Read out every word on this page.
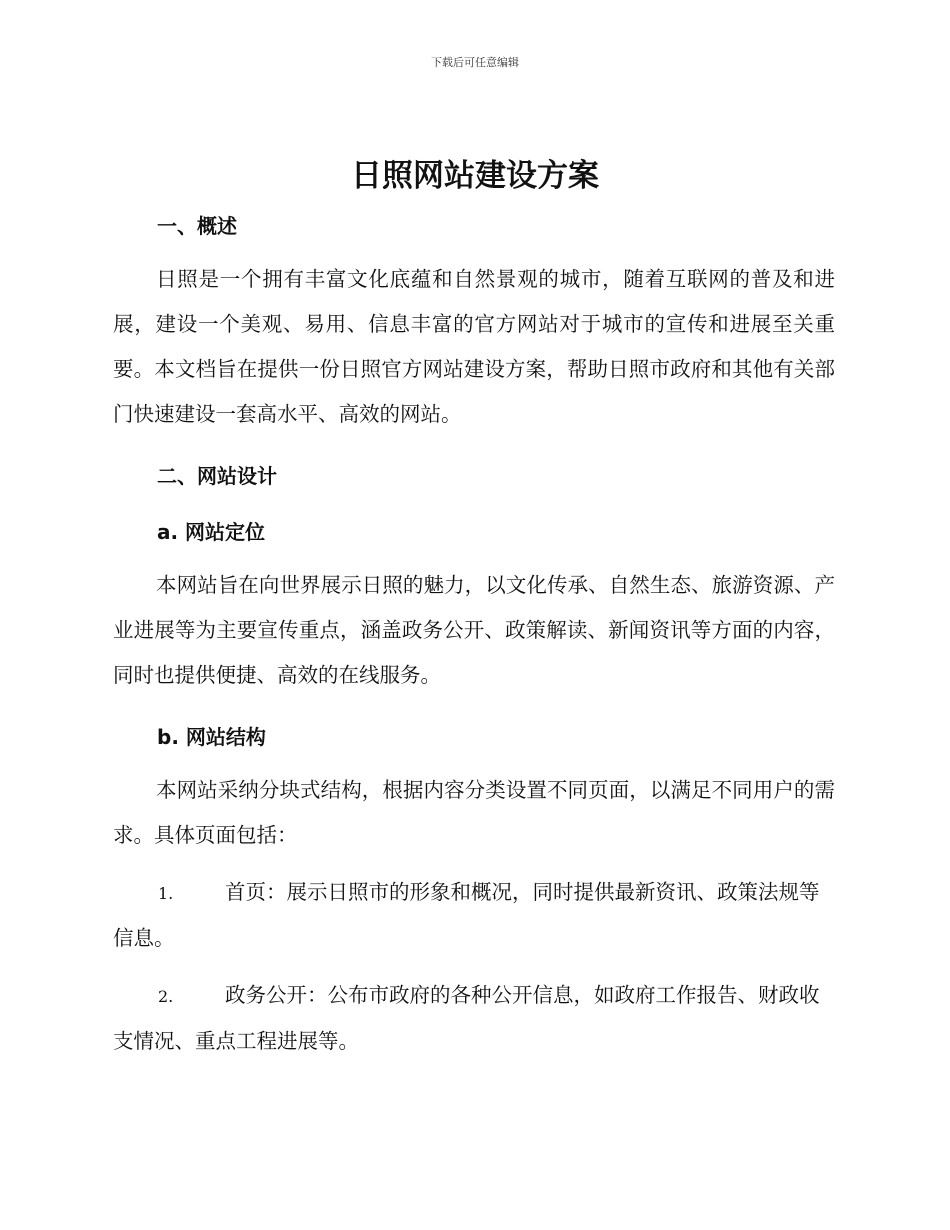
下载后可任意编辑
日照网站建设方案
一、概述

日照是一个拥有丰富文化底蕴和自然景观的城市，随着互联网的普及和进展，建设一个美观、易用、信息丰富的官方网站对于城市的宣传和进展至关重要。本文档旨在提供一份日照官方网站建设方案，帮助日照市政府和其他有关部门快速建设一套高水平、高效的网站。

二、网站设计
a. 网站定位

本网站旨在向世界展示日照的魅力，以文化传承、自然生态、旅游资源、产业进展等为主要宣传重点，涵盖政务公开、政策解读、新闻资讯等方面的内容，同时也提供便捷、高效的在线服务。

b. 网站结构

本网站采纳分块式结构，根据内容分类设置不同页面，以满足不同用户的需求。具体页面包括：

1.	首页：展示日照市的形象和概况，同时提供最新资讯、政策法规等信息。

2.	政务公开：公布市政府的各种公开信息，如政府工作报告、财政收支情况、重点工程进展等。
